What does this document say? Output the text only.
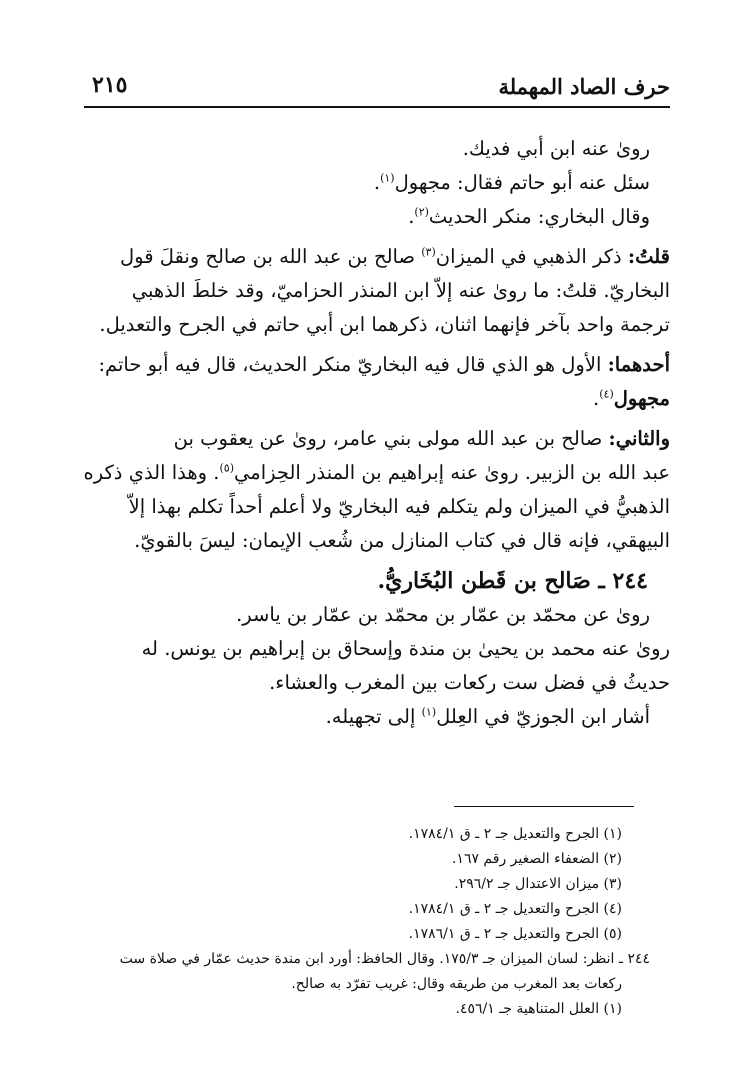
حرف الصاد المهملة
٢١٥
رویٰ عنه ابن أبي فديك.
سئل عنه أبو حاتم فقال: مجهول$^{(١)}$.
وقال البخاري: منكر الحديث$^{(٢)}$.
قلتُ: ذكر الذهبي في الميزان$^{(٣)}$ صالح بن عبد الله بن صالح ونقلَ قول
البخاريّ. قلتُ: ما رویٰ عنه إلاّ ابن المنذر الحزاميّ، وقد خلطَ الذهبي
ترجمة واحد بآخر فإنهما اثنان، ذكرهما ابن أبي حاتم في الجرح والتعديل.
أحدهما: الأول هو الذي قال فيه البخاريّ منكر الحديث، قال فيه أبو حاتم:
مجهول$^{(٤)}$.
والثاني: صالح بن عبد الله مولى بني عامر، رویٰ عن يعقوب بن
عبد الله بن الزبير. رویٰ عنه إبراهيم بن المنذر الحِزامي$^{(٥)}$. وهذا الذي ذكره
الذهبيُّ في الميزان ولم يتكلم فيه البخاريّ ولا أعلم أحداً تكلم بهذا إلاّ
البيهقي، فإنه قال في كتاب المنازل من شُعب الإيمان: ليسَ بالقويّ.
٢٤٤ ـ صَالح بن قَطن البُخَاريُّ.
رویٰ عن محمّد بن عمّار بن محمّد بن عمّار بن ياسر.
رویٰ عنه محمد بن يحيیٰ بن مندة وإسحاق بن إبراهيم بن يونس. له
حديثُ في فضل ست ركعات بين المغرب والعشاء.
أشار ابن الجوزيّ في العِلل$^{(١)}$ إلى تجهيله.
(١) الجرح والتعديل جـ ٢ ـ ق ١٧٨٤/١.
(٢) الضعفاء الصغير رقم ١٦٧.
(٣) ميزان الاعتدال جـ ٢٩٦/٢.
(٤) الجرح والتعديل جـ ٢ ـ ق ١٧٨٤/١.
(٥) الجرح والتعديل جـ ٢ ـ ق ١٧٨٦/١.
٢٤٤ ـ انظر: لسان الميزان جـ ١٧٥/٣. وقال الحافظ: أورد ابن مندة حديث عمّار في صلاة ست
ركعات بعد المغرب من طريقه وقال: غريب تفرّد به صالح.
(١) العلل المتناهية جـ ٤٥٦/١.
